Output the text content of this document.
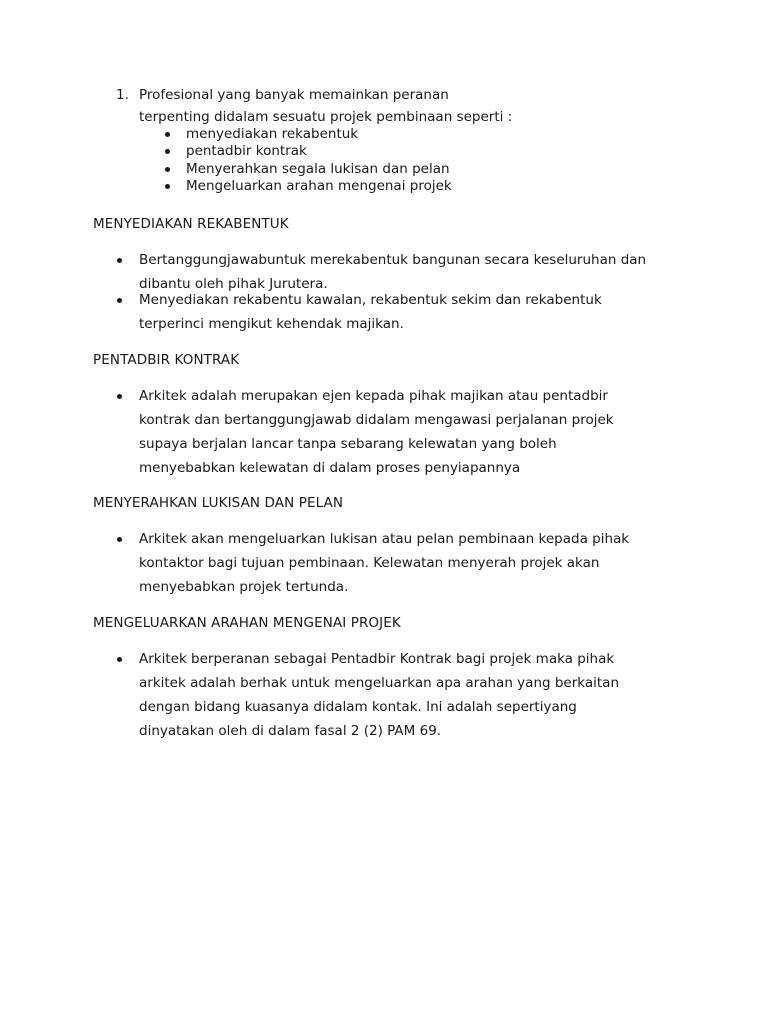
1. Profesional yang banyak memainkan peranan
terpenting didalam sesuatu projek pembinaan seperti :
menyediakan rekabentuk
pentadbir kontrak
Menyerahkan segala lukisan dan pelan
Mengeluarkan arahan mengenai projek
MENYEDIAKAN REKABENTUK
Bertanggungjawabuntuk merekabentuk bangunan secara keseluruhan dan
dibantu oleh pihak Jurutera.
Menyediakan rekabentu kawalan, rekabentuk sekim dan rekabentuk
terperinci mengikut kehendak majikan.
PENTADBIR KONTRAK
Arkitek adalah merupakan ejen kepada pihak majikan atau pentadbir
kontrak dan bertanggungjawab didalam mengawasi perjalanan projek
supaya berjalan lancar tanpa sebarang kelewatan yang boleh
menyebabkan kelewatan di dalam proses penyiapannya
MENYERAHKAN LUKISAN DAN PELAN
Arkitek akan mengeluarkan lukisan atau pelan pembinaan kepada pihak
kontaktor bagi tujuan pembinaan. Kelewatan menyerah projek akan
menyebabkan projek tertunda.
MENGELUARKAN ARAHAN MENGENAI PROJEK
Arkitek berperanan sebagai Pentadbir Kontrak bagi projek maka pihak
arkitek adalah berhak untuk mengeluarkan apa arahan yang berkaitan
dengan bidang kuasanya didalam kontak. Ini adalah sepertiyang
dinyatakan oleh di dalam fasal 2 (2) PAM 69.
